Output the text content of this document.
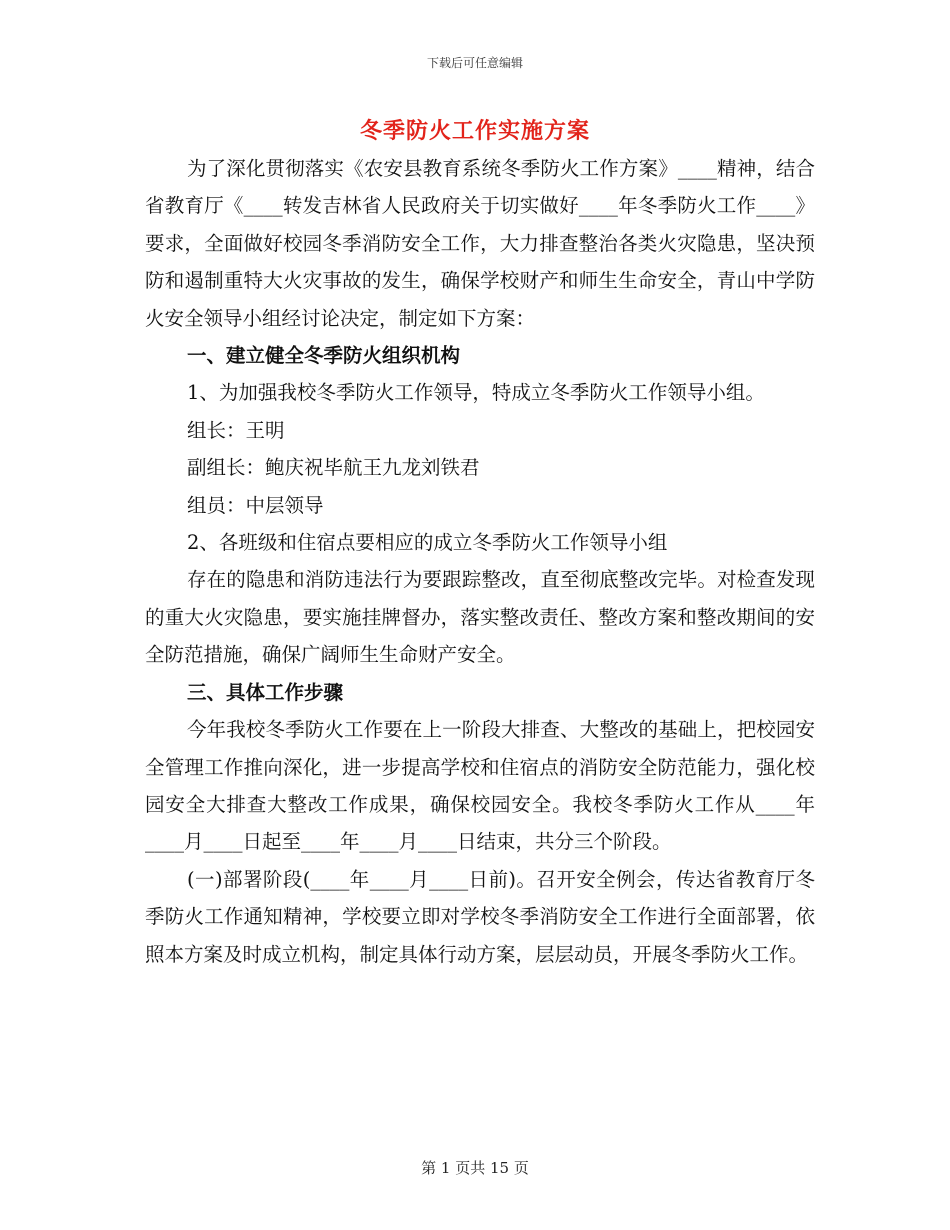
下载后可任意编辑
冬季防火工作实施方案

为了深化贯彻落实《农安县教育系统冬季防火工作方案》____精神，结合省教育厅《____转发吉林省人民政府关于切实做好____年冬季防火工作____》要求，全面做好校园冬季消防安全工作，大力排查整治各类火灾隐患，坚决预防和遏制重特大火灾事故的发生，确保学校财产和师生生命安全，青山中学防火安全领导小组经讨论决定，制定如下方案：

一、建立健全冬季防火组织机构

1、为加强我校冬季防火工作领导，特成立冬季防火工作领导小组。

组长：王明

副组长：鲍庆祝毕航王九龙刘铁君

组员：中层领导

2、各班级和住宿点要相应的成立冬季防火工作领导小组

存在的隐患和消防违法行为要跟踪整改，直至彻底整改完毕。对检查发现的重大火灾隐患，要实施挂牌督办，落实整改责任、整改方案和整改期间的安全防范措施，确保广阔师生生命财产安全。

三、具体工作步骤

今年我校冬季防火工作要在上一阶段大排查、大整改的基础上，把校园安全管理工作推向深化，进一步提高学校和住宿点的消防安全防范能力，强化校园安全大排查大整改工作成果，确保校园安全。我校冬季防火工作从____年____月____日起至____年____月____日结束，共分三个阶段。

(一)部署阶段(____年____月____日前)。召开安全例会，传达省教育厅冬季防火工作通知精神，学校要立即对学校冬季消防安全工作进行全面部署，依照本方案及时成立机构，制定具体行动方案，层层动员，开展冬季防火工作。

第 1 页共 15 页
